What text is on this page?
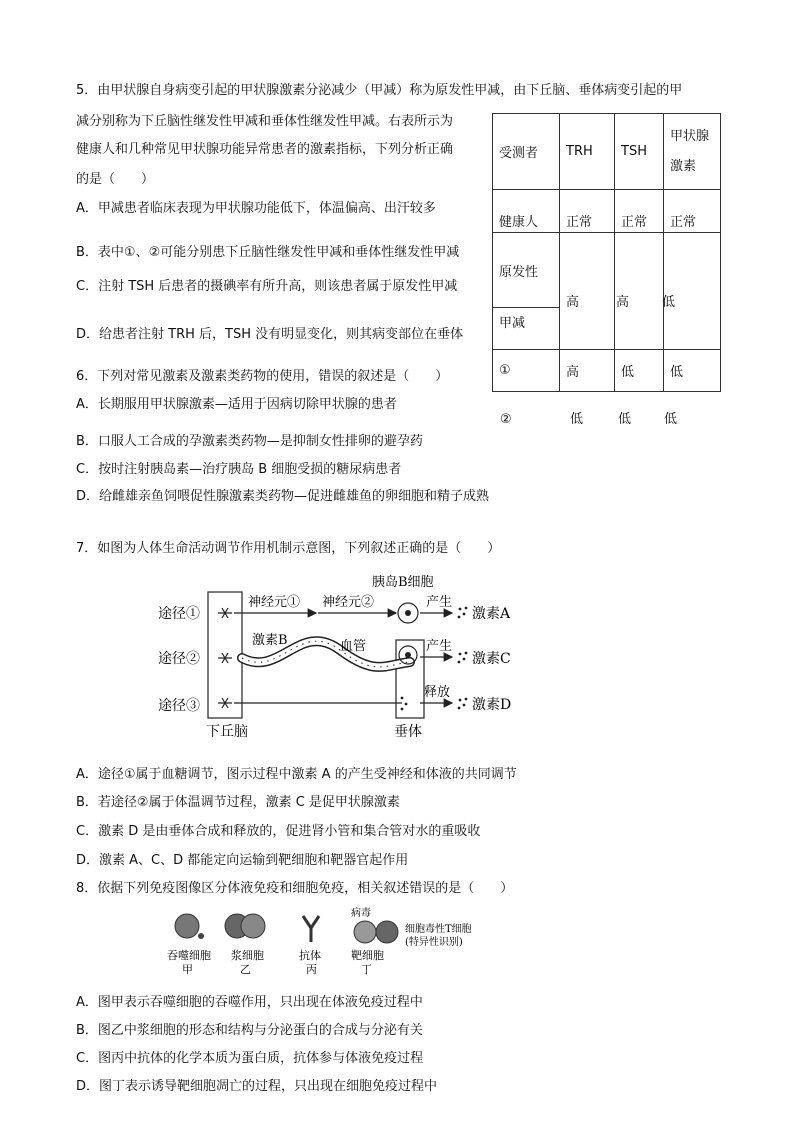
5．由甲状腺自身病变引起的甲状腺激素分泌减少（甲减）称为原发性甲减，由下丘脑、垂体病变引起的甲
减分别称为下丘脑性继发性甲减和垂体性继发性甲减。右表所示为
健康人和几种常见甲状腺功能异常患者的激素指标，下列分析正确
的是（　　）
A．甲减患者临床表现为甲状腺功能低下，体温偏高、出汗较多
B．表中①、②可能分别患下丘脑性继发性甲减和垂体性继发性甲减
C．注射 TSH 后患者的摄碘率有所升高，则该患者属于原发性甲减
D．给患者注射 TRH 后，TSH 没有明显变化，则其病变部位在垂体
受测者	TRH	TSH	甲状腺
激素

健康人	正常	正常	正常
原发性			
甲减			
①	高	低	低
高	高	低
②	低	低	低
6．下列对常见激素及激素类药物的使用，错误的叙述是（　　）
A．长期服用甲状腺激素—适用于因病切除甲状腺的患者
B．口服人工合成的孕激素类药物—是抑制女性排卵的避孕药
C．按时注射胰岛素—治疗胰岛 B 细胞受损的糖尿病患者
D．给雌雄亲鱼饲喂促性腺激素类药物—促进雌雄鱼的卵细胞和精子成熟
7．如图为人体生命活动调节作用机制示意图，下列叙述正确的是（　　）
途径①
途径②
途径③
神经元① 神经元②
胰岛B细胞
产生
激素A
激素B	血管	产生
激素C
释放
激素D
下丘脑	垂体
A．途径①属于血糖调节，图示过程中激素 A 的产生受神经和体液的共同调节
B．若途径②属于体温调节过程，激素 C 是促甲状腺激素
C．激素 D 是由垂体合成和释放的，促进肾小管和集合管对水的重吸收
D．激素 A、C、D 都能定向运输到靶细胞和靶器官起作用
8．依据下列免疫图像区分体液免疫和细胞免疫，相关叙述错误的是（　　）
吞噬细胞
甲
浆细胞
乙
抗体
丙
病毒
靶细胞
丁
细胞毒性T细胞
(特异性识别)
A．图甲表示吞噬细胞的吞噬作用，只出现在体液免疫过程中
B．图乙中浆细胞的形态和结构与分泌蛋白的合成与分泌有关
C．图丙中抗体的化学本质为蛋白质，抗体参与体液免疫过程
D．图丁表示诱导靶细胞凋亡的过程，只出现在细胞免疫过程中
